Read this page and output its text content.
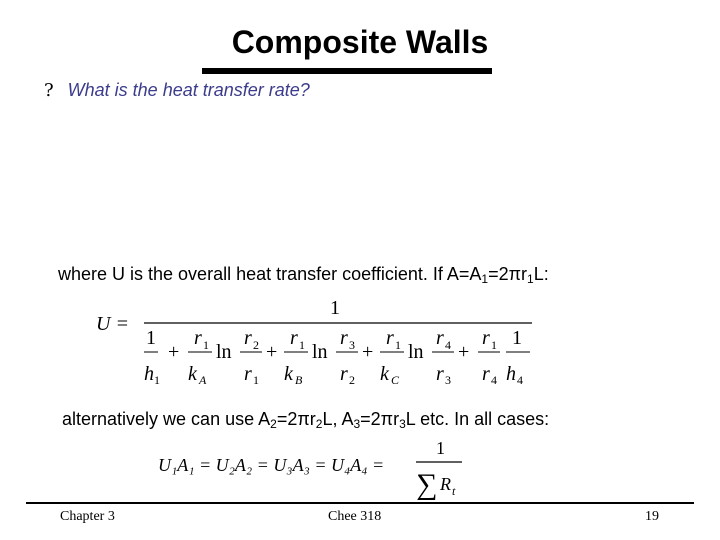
Composite Walls
? What is the heat transfer rate?
where U is the overall heat transfer coefficient. If $A=A_1=2\pi r_1L$:
U =
1
1
h 1
+
r 1
k A
ln
r 2
r 1
+
r 1
k B
ln
r 3
r 2
+
r 1
k C
ln
r 4
r 3
+
r 1
r 4
1
h 4
alternatively we can use $A_2=2\pi r_2L$, $A_3=2\pi r_3L$ etc. In all cases:
U₁A₁ = U₂A₂ = U₃A₃ = U₄A₄ =
1
∑ R t
Chapter 3	Chee 318	19
